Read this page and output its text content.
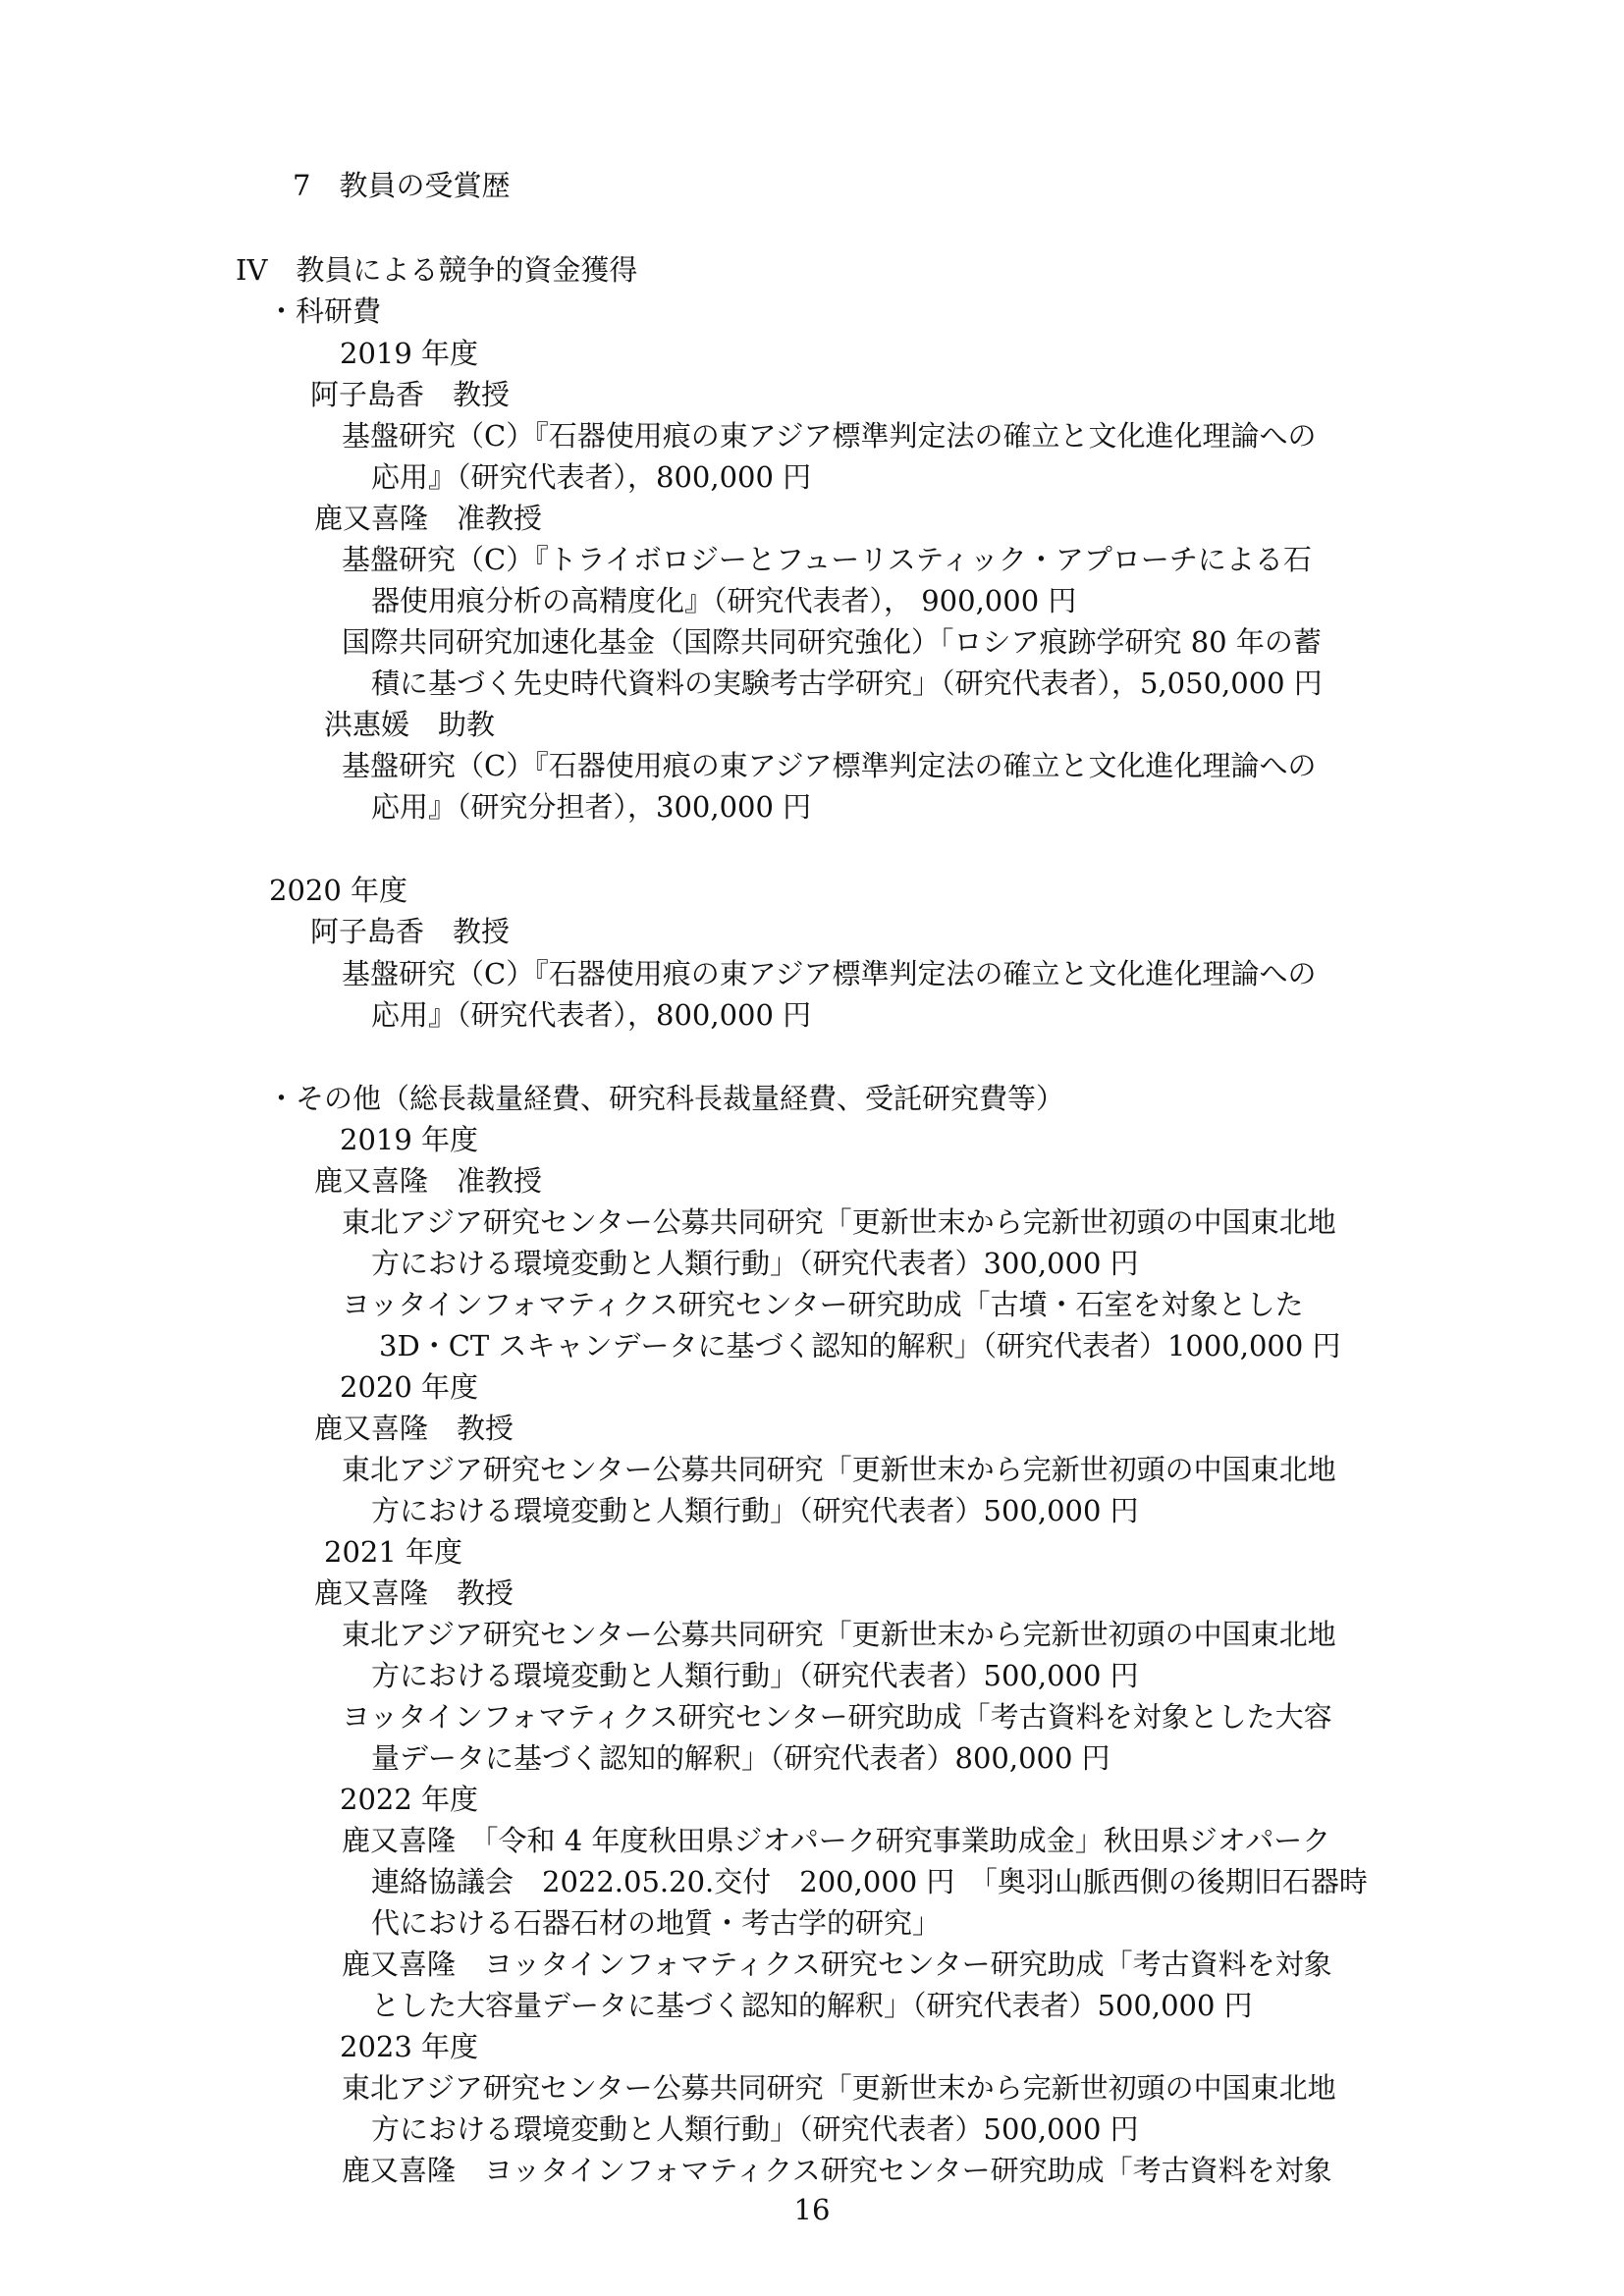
7　教員の受賞歴
IV　教員による競争的資金獲得
・科研費
2019 年度
阿子島香　教授
基盤研究（C）『石器使用痕の東アジア標準判定法の確立と文化進化理論への
応用』（研究代表者），800,000 円
鹿又喜隆　准教授
基盤研究（C）『トライボロジーとフューリスティック・アプローチによる石
器使用痕分析の高精度化』（研究代表者）， 900,000 円
国際共同研究加速化基金（国際共同研究強化）「ロシア痕跡学研究 80 年の蓄
積に基づく先史時代資料の実験考古学研究」（研究代表者），5,050,000 円
洪惠媛　助教
基盤研究（C）『石器使用痕の東アジア標準判定法の確立と文化進化理論への
応用』（研究分担者），300,000 円
2020 年度
阿子島香　教授
基盤研究（C）『石器使用痕の東アジア標準判定法の確立と文化進化理論への
応用』（研究代表者），800,000 円
・その他（総長裁量経費、研究科長裁量経費、受託研究費等）
2019 年度
鹿又喜隆　准教授
東北アジア研究センター公募共同研究「更新世末から完新世初頭の中国東北地
方における環境変動と人類行動」（研究代表者）300,000 円
ヨッタインフォマティクス研究センター研究助成「古墳・石室を対象とした
3D・CT スキャンデータに基づく認知的解釈」（研究代表者）1000,000 円
2020 年度
鹿又喜隆　教授
東北アジア研究センター公募共同研究「更新世末から完新世初頭の中国東北地
方における環境変動と人類行動」（研究代表者）500,000 円
2021 年度
鹿又喜隆　教授
東北アジア研究センター公募共同研究「更新世末から完新世初頭の中国東北地
方における環境変動と人類行動」（研究代表者）500,000 円
ヨッタインフォマティクス研究センター研究助成「考古資料を対象とした大容
量データに基づく認知的解釈」（研究代表者）800,000 円
2022 年度
鹿又喜隆　「令和 4 年度秋田県ジオパーク研究事業助成金」秋田県ジオパーク
連絡協議会　2022.05.20.交付　200,000 円　「奥羽山脈西側の後期旧石器時
代における石器石材の地質・考古学的研究」
鹿又喜隆　ヨッタインフォマティクス研究センター研究助成「考古資料を対象
とした大容量データに基づく認知的解釈」（研究代表者）500,000 円
2023 年度
東北アジア研究センター公募共同研究「更新世末から完新世初頭の中国東北地
方における環境変動と人類行動」（研究代表者）500,000 円
鹿又喜隆　ヨッタインフォマティクス研究センター研究助成「考古資料を対象
16
